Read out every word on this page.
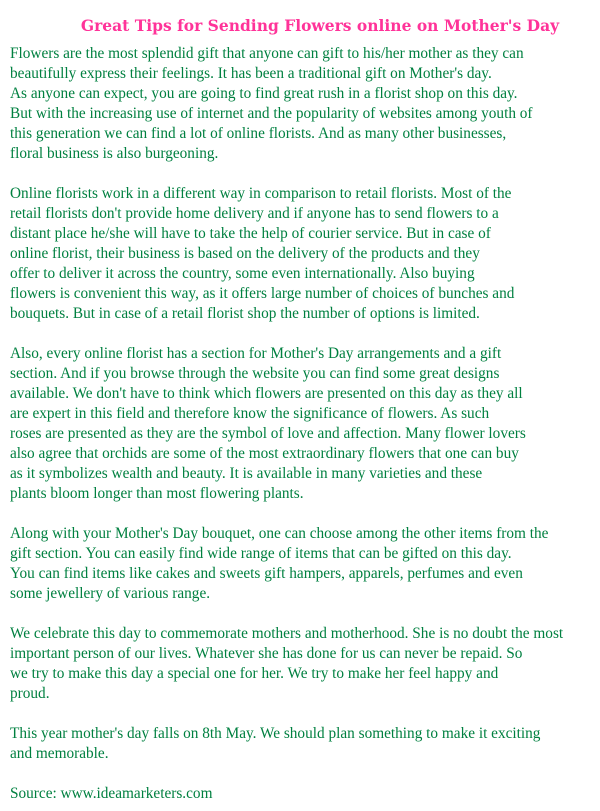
Great Tips for Sending Flowers online on Mother's Day

Flowers are the most splendid gift that anyone can gift to his/her mother as they can
beautifully express their feelings. It has been a traditional gift on Mother's day.
As anyone can expect, you are going to find great rush in a florist shop on this day.
But with the increasing use of internet and the popularity of websites among youth of
this generation we can find a lot of online florists. And as many other businesses,
floral business is also burgeoning.

Online florists work in a different way in comparison to retail florists. Most of the
retail florists don't provide home delivery and if anyone has to send flowers to a
distant place he/she will have to take the help of courier service. But in case of
online florist, their business is based on the delivery of the products and they
offer to deliver it across the country, some even internationally. Also buying
flowers is convenient this way, as it offers large number of choices of bunches and
bouquets. But in case of a retail florist shop the number of options is limited.

Also, every online florist has a section for Mother's Day arrangements and a gift
section. And if you browse through the website you can find some great designs
available. We don't have to think which flowers are presented on this day as they all
are expert in this field and therefore know the significance of flowers. As such
roses are presented as they are the symbol of love and affection. Many flower lovers
also agree that orchids are some of the most extraordinary flowers that one can buy
as it symbolizes wealth and beauty. It is available in many varieties and these
plants bloom longer than most flowering plants.

Along with your Mother's Day bouquet, one can choose among the other items from the
gift section. You can easily find wide range of items that can be gifted on this day.
You can find items like cakes and sweets gift hampers, apparels, perfumes and even
some jewellery of various range.

We celebrate this day to commemorate mothers and motherhood. She is no doubt the most
important person of our lives. Whatever she has done for us can never be repaid. So
we try to make this day a special one for her. We try to make her feel happy and
proud.

This year mother's day falls on 8th May. We should plan something to make it exciting
and memorable.

Source: www.ideamarketers.com
